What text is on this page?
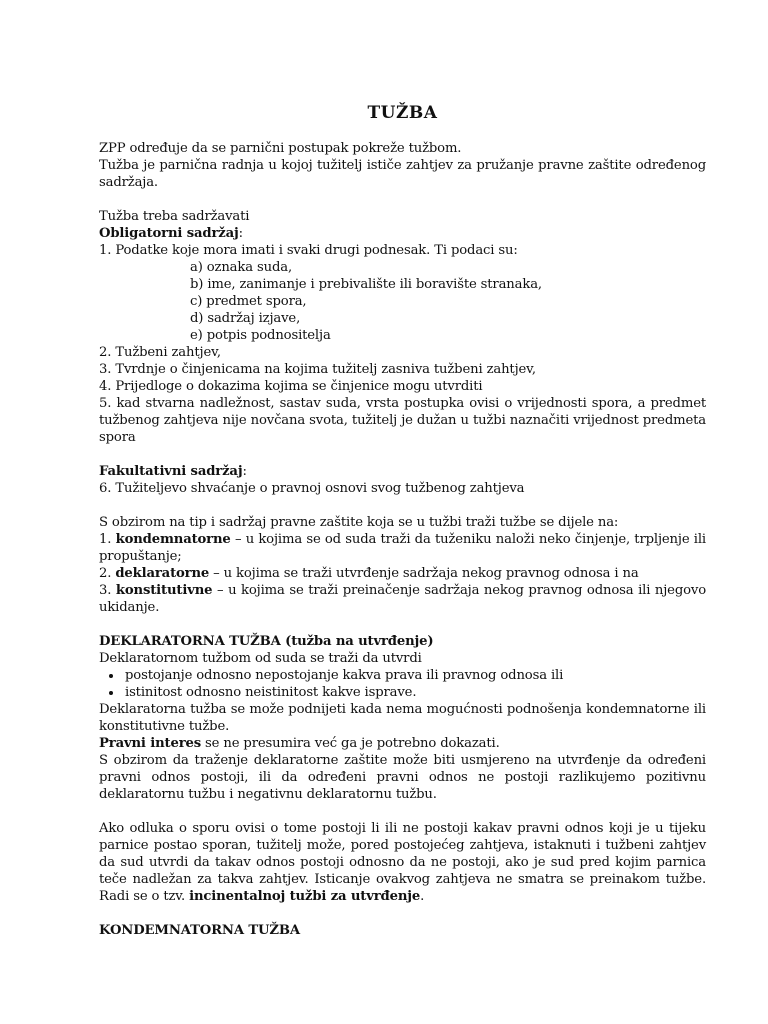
TUŽBA

ZPP određuje da se parnični postupak pokreže tužbom.

Tužba je parnična radnja u kojoj tužitelj ističe zahtjev za pružanje pravne zaštite određenog sadržaja.

Tužba treba sadržavati

Obligatorni sadržaj:

1. Podatke koje mora imati i svaki drugi podnesak. Ti podaci su:

a) oznaka suda,

b) ime, zanimanje i prebivalište ili boravište stranaka,

c) predmet spora,

d) sadržaj izjave,

e) potpis podnositelja

2. Tužbeni zahtjev,

3. Tvrdnje o činjenicama na kojima tužitelj zasniva tužbeni zahtjev,

4. Prijedloge o dokazima kojima se činjenice mogu utvrditi

5. kad stvarna nadležnost, sastav suda, vrsta postupka ovisi o vrijednosti spora, a predmet tužbenog zahtjeva nije novčana svota, tužitelj je dužan u tužbi naznačiti vrijednost predmeta spora

Fakultativni sadržaj:

6. Tužiteljevo shvaćanje o pravnoj osnovi svog tužbenog zahtjeva

S obzirom na tip i sadržaj pravne zaštite koja se u tužbi traži tužbe se dijele na:

1. kondemnatorne – u kojima se od suda traži da tuženiku naloži neko činjenje, trpljenje ili propuštanje;

2. deklaratorne – u kojima se traži utvrđenje sadržaja nekog pravnog odnosa i na

3. konstitutivne – u kojima se traži preinačenje sadržaja nekog pravnog odnosa ili njegovo ukidanje.

DEKLARATORNA TUŽBA (tužba na utvrđenje)

Deklaratornom tužbom od suda se traži da utvrdi

• postojanje odnosno nepostojanje kakva prava ili pravnog odnosa ili
• istinitost odnosno neistinitost kakve isprave.

Deklaratorna tužba se može podnijeti kada nema mogućnosti podnošenja kondemnatorne ili konstitutivne tužbe.

Pravni interes se ne presumira već ga je potrebno dokazati.

S obzirom da traženje deklaratorne zaštite može biti usmjereno na utvrđenje da određeni pravni odnos postoji, ili da određeni pravni odnos ne postoji razlikujemo pozitivnu deklaratornu tužbu i negativnu deklaratornu tužbu.

Ako odluka o sporu ovisi o tome postoji li ili ne postoji kakav pravni odnos koji je u tijeku parnice postao sporan, tužitelj može, pored postojećeg zahtjeva, istaknuti i tužbeni zahtjev da sud utvrdi da takav odnos postoji odnosno da ne postoji, ako je sud pred kojim parnica teče nadležan za takva zahtjev. Isticanje ovakvog zahtjeva ne smatra se preinakom tužbe. Radi se o tzv. incinentalnoj tužbi za utvrđenje.

KONDEMNATORNA TUŽBA
